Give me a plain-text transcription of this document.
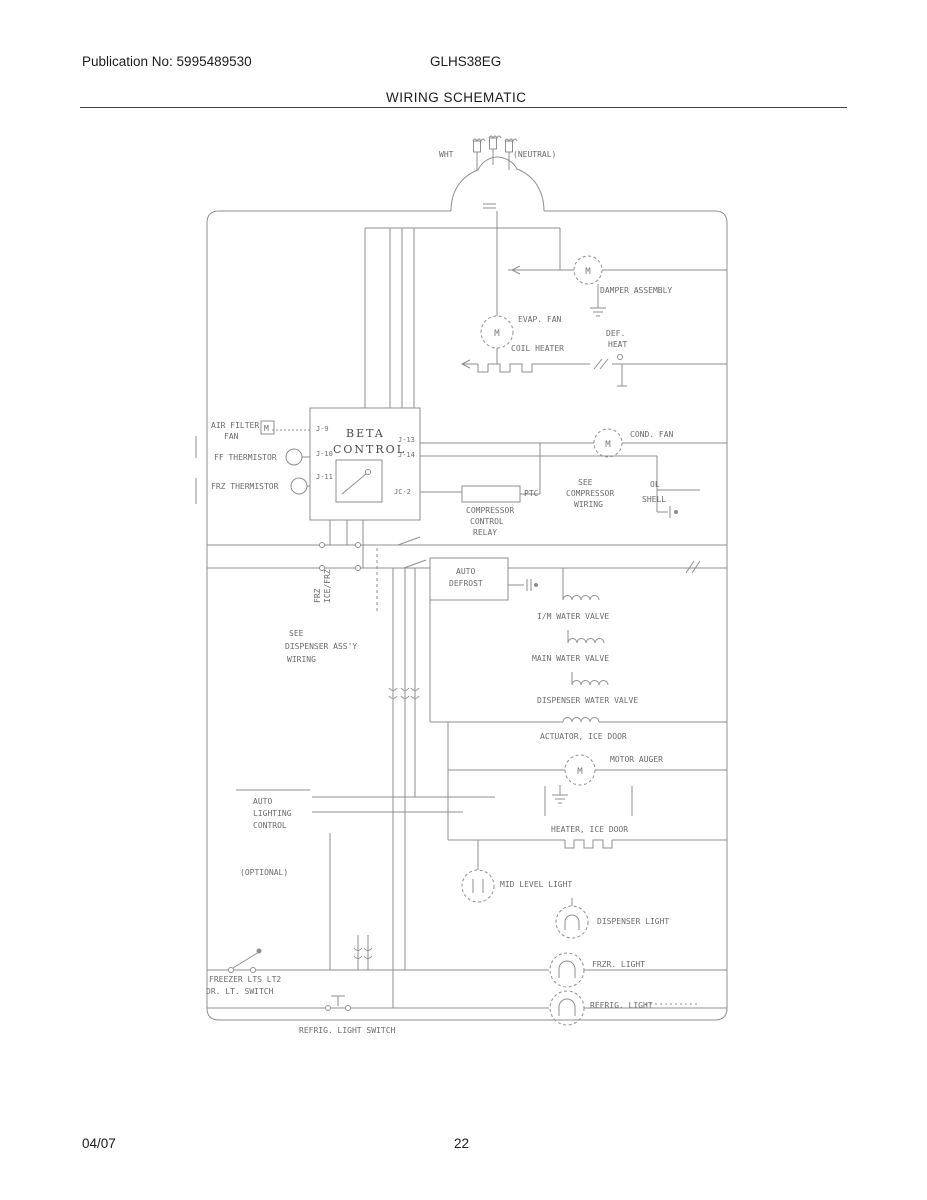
Publication No: 5995489530	GLHS38EG
WIRING SCHEMATIC
04/07	22
M
M
M
M
WHT	(NEUTRAL)
DAMPER ASSEMBLY
EVAP. FAN
COIL HEATER
DEF.
HEAT
AIR FILTER
FAN
M
FF THERMISTOR
FRZ THERMISTOR
BETA
CONTROL
J-9
J-10
J-11
J-13
J-14
JC-2
COND. FAN
PTC
COMPRESSOR
CONTROL
RELAY
SEE
COMPRESSOR
WIRING
OL
SHELL
FRZ ICE/FRZ	AUTO
DEFROST
I/M WATER VALVE
MAIN WATER VALVE
DISPENSER WATER VALVE
ACTUATOR, ICE DOOR
MOTOR AUGER
SEE
DISPENSER ASS'Y
WIRING
AUTO
LIGHTING
CONTROL
(OPTIONAL)
HEATER, ICE DOOR
MID LEVEL LIGHT
DISPENSER LIGHT
FRZR. LIGHT
REFRIG. LIGHT
FREEZER LTS LT2
DR. LT. SWITCH
REFRIG. LIGHT SWITCH
